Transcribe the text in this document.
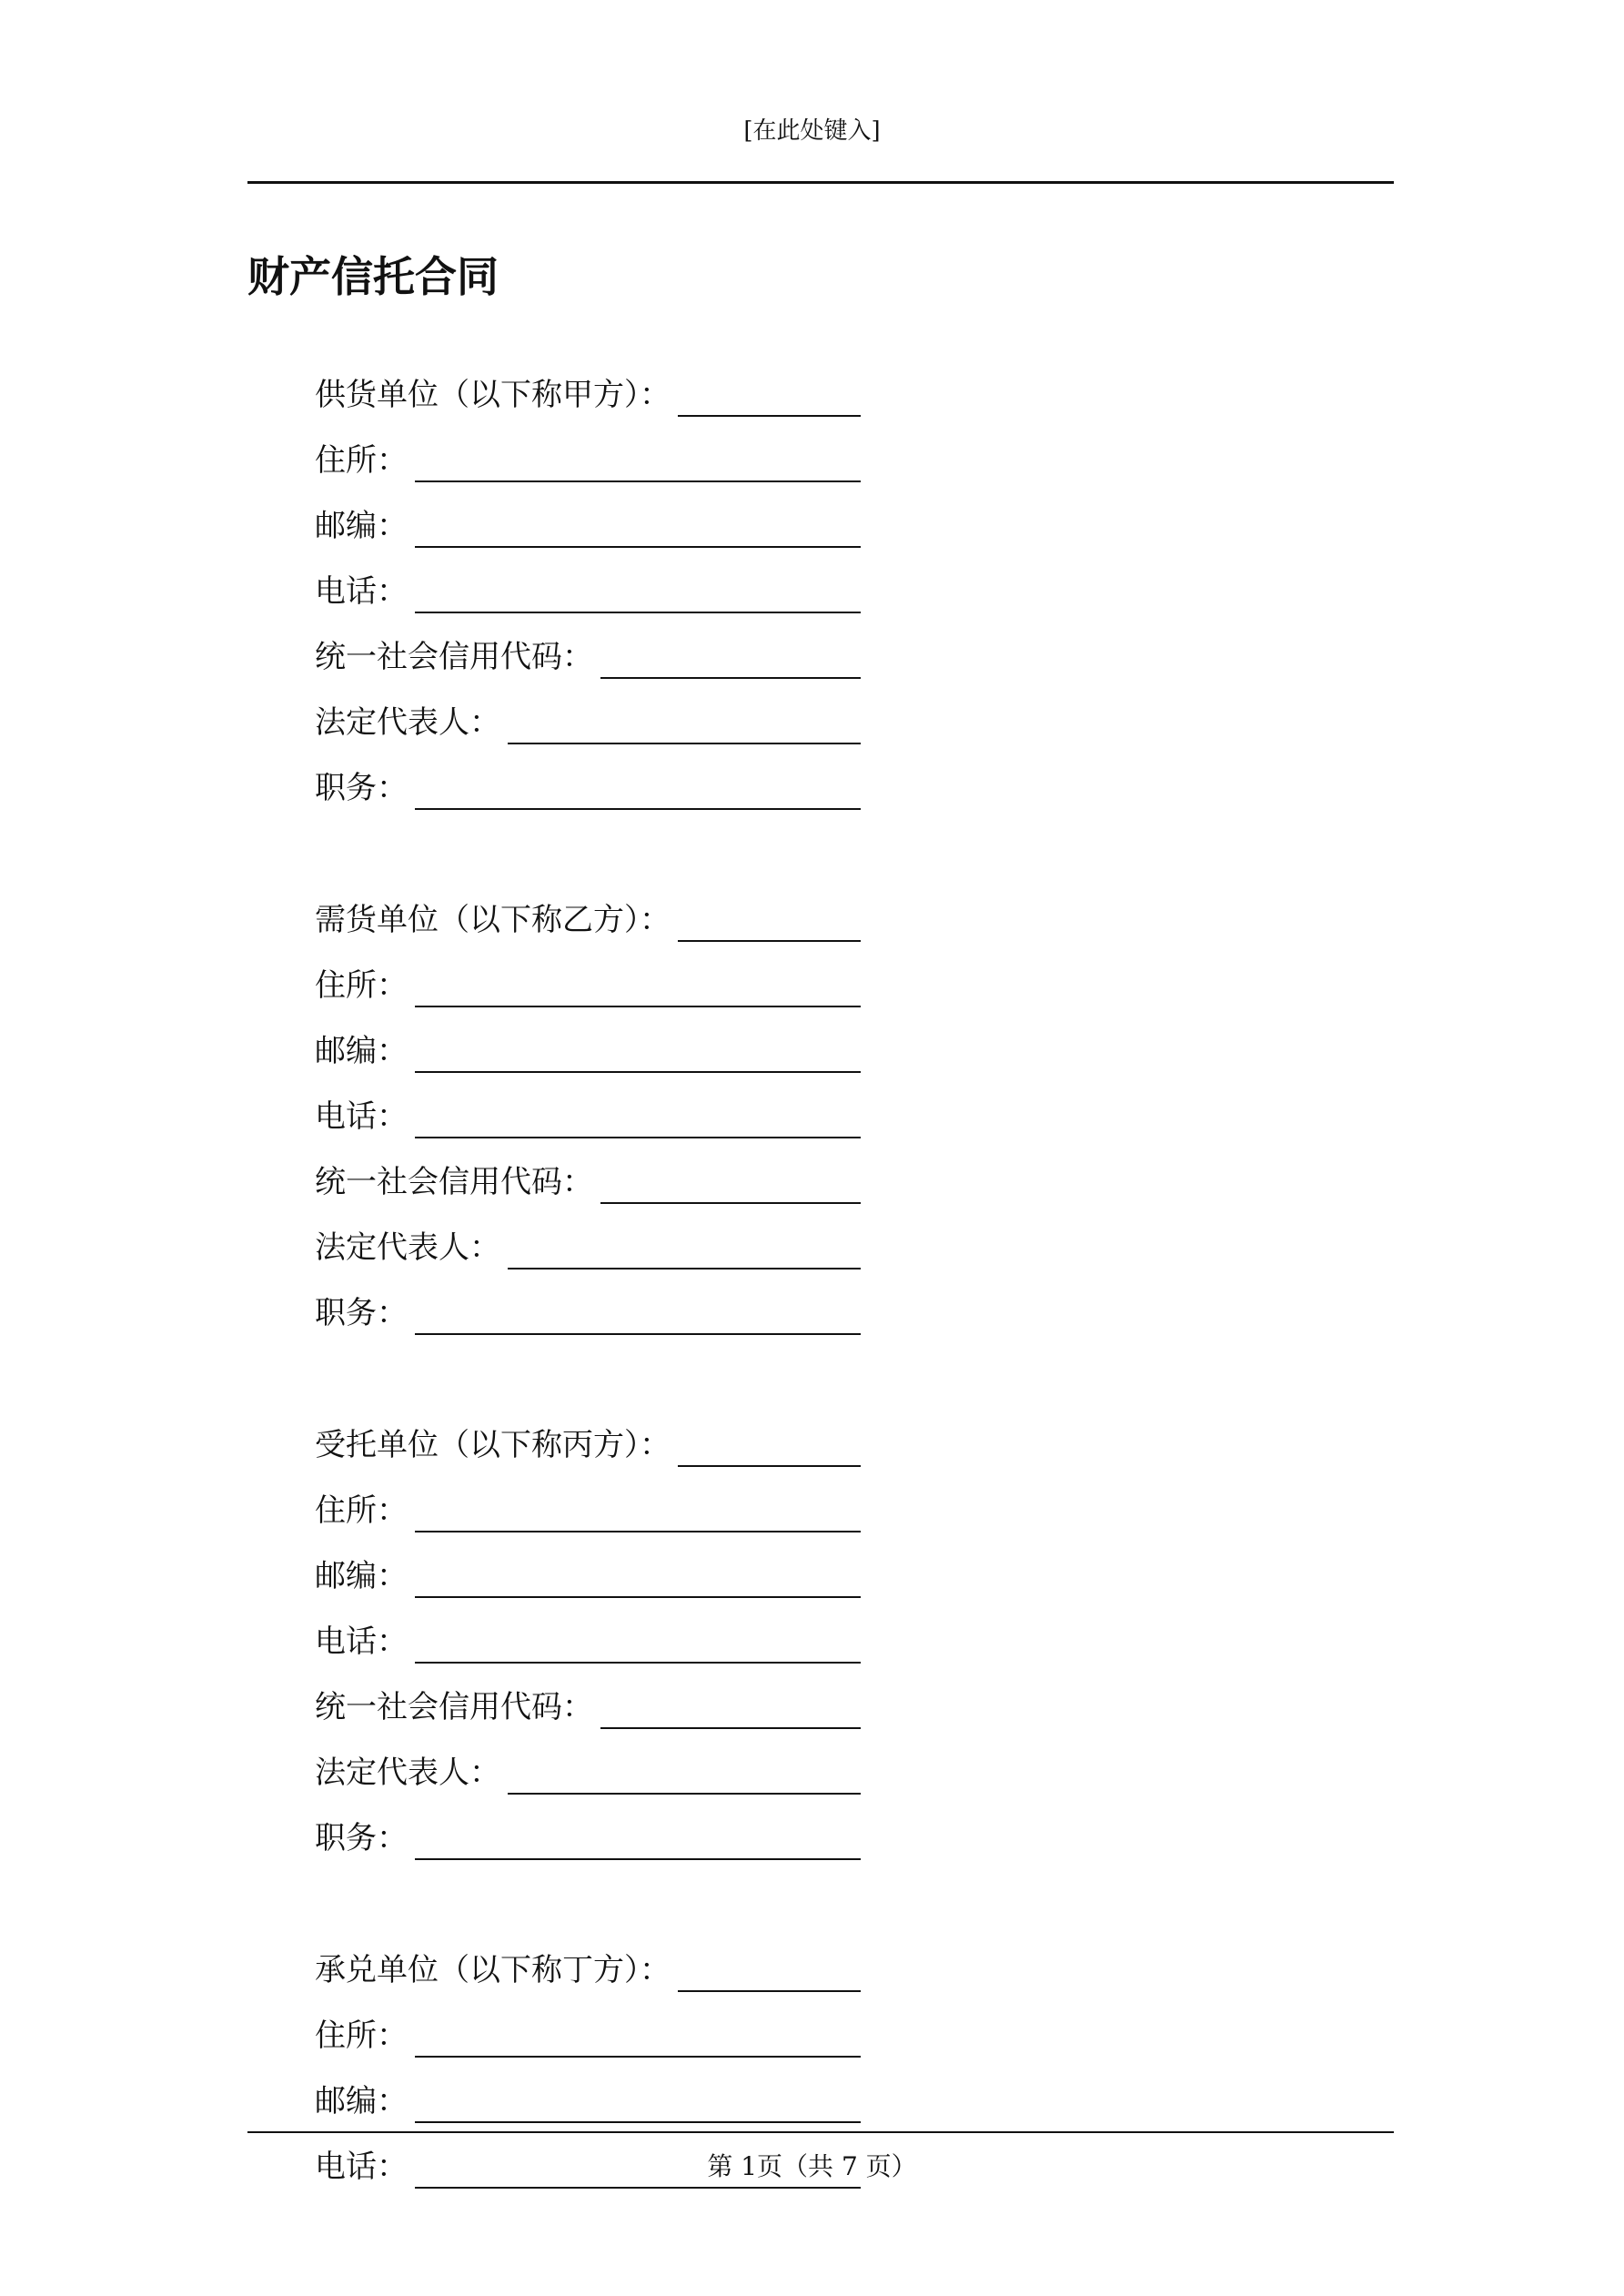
[在此处键入]
财产信托合同
供货单位（以下称甲方）：
住所：
邮编：
电话：
统一社会信用代码：
法定代表人：
职务：
需货单位（以下称乙方）：
住所：
邮编：
电话：
统一社会信用代码：
法定代表人：
职务：
受托单位（以下称丙方）：
住所：
邮编：
电话：
统一社会信用代码：
法定代表人：
职务：
承兑单位（以下称丁方）：
住所：
邮编：
电话：	第 1页（共 7 页）
